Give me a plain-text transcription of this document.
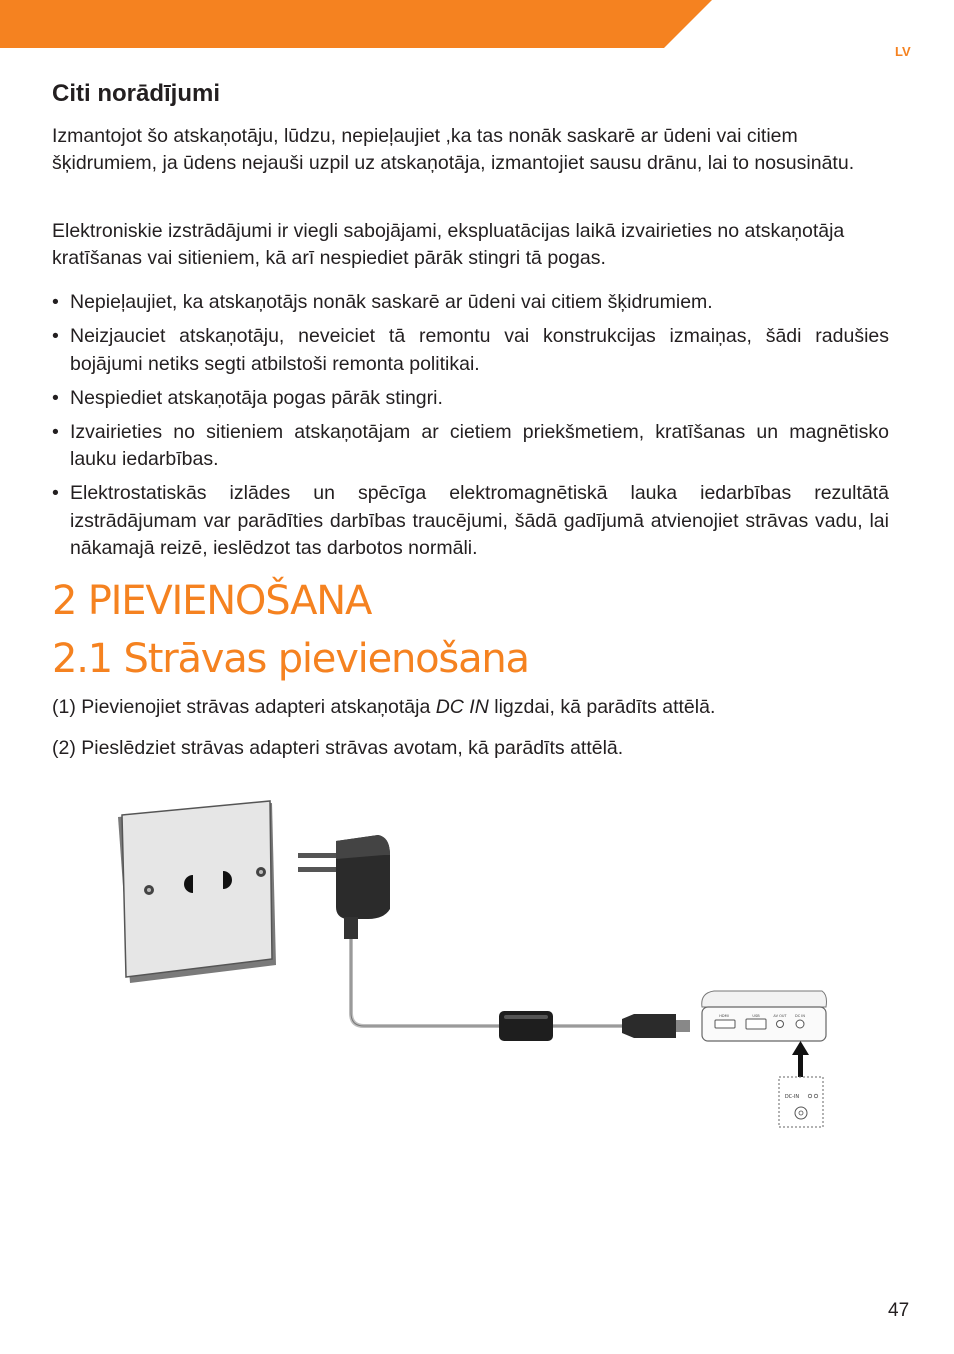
LV
Citi norādījumi

Izmantojot šo atskaņotāju, lūdzu, nepieļaujiet ,ka tas nonāk saskarē ar ūdeni vai citiem šķidrumiem, ja ūdens nejauši uzpil uz atskaņotāja, izmantojiet sausu drānu, lai to nosusinātu.

Elektroniskie izstrādājumi ir viegli sabojājami, ekspluatācijas laikā izvairieties no atskaņotāja kratīšanas vai sitieniem, kā arī nespiediet pārāk stingri tā pogas.

• Nepieļaujiet, ka atskaņotājs nonāk saskarē ar ūdeni vai citiem šķidrumiem.
• Neizjauciet atskaņotāju, neveiciet tā remontu vai konstrukcijas izmaiņas, šādi radušies bojājumi netiks segti atbilstoši remonta politikai.
• Nespiediet atskaņotāja pogas pārāk stingri.
• Izvairieties no sitieniem atskaņotājam ar cietiem priekšmetiem, kratīšanas un magnētisko lauku iedarbības.
• Elektrostatiskās izlādes un spēcīga elektromagnētiskā lauka iedarbības rezultātā izstrādājumam var parādīties darbības traucējumi, šādā gadījumā atvienojiet strāvas vadu, lai nākamajā reizē, ieslēdzot tas darbotos normāli.
2 PIEVIENOŠANA
2.1 Strāvas pievienošana

(1) Pievienojiet strāvas adapteri atskaņotāja DC IN ligzdai, kā parādīts attēlā.

(2) Pieslēdziet strāvas adapteri strāvas avotam, kā parādīts attēlā.

HDMI	USB	AV OUT DC IN
DC-IN
47
